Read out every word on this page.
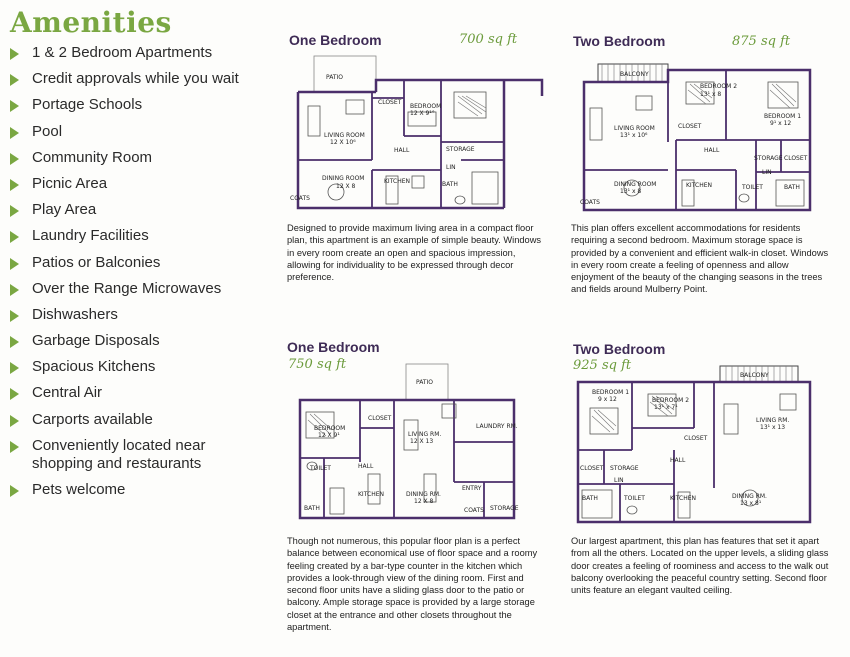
Amenities
1 & 2 Bedroom Apartments
Credit approvals while you wait
Portage Schools
Pool
Community Room
Picnic Area
Play Area
Laundry Facilities
Patios or Balconies
Over the Range Microwaves
Dishwashers
Garbage Disposals
Spacious Kitchens
Central Air
Carports available
Conveniently located near shopping and restaurants
Pets welcome
One Bedroom	700 sq ft
PATIO
CLOSET
BEDROOM
12 X 9¹°
LIVING ROOM
12 X 10⁶
HALL	STORAGE
LIN
DINING ROOM
12 X 8
KITCHEN	BATH
COATS

Designed to provide maximum living area in a compact floor plan, this apartment is an example of simple beauty. Windows in every room create an open and spacious impression, allowing for individuality to be expressed through decor preference.

Two Bedroom	875 sq ft
BALCONY
BEDROOM 2
13¹ x 8
BEDROOM 1
9¹ x 12
CLOSET
LIVING ROOM
13¹ x 10⁶
HALL
STORAGE CLOSET
LIN
DINING ROOM
13¹ x 8
KITCHEN	TOILET	BATH
COATS

This plan offers excellent accommodations for residents requiring a second bedroom. Maximum storage space is provided by a convenient and efficient walk-in closet. Windows in every room create a feeling of openness and allow enjoyment of the beauty of the changing seasons in the trees and fields around Mulberry Point.

One Bedroom
750 sq ft
PATIO
CLOSET
BEDROOM
12 X 9¹	LIVING RM.
12 X 13
LAUNDRY RM.
TOILET	HALL
KITCHEN	DINING RM.
12 X 8
ENTRY
BATH	COATS STORAGE

Though not numerous, this popular floor plan is a perfect balance between economical use of floor space and a roomy feeling created by a bar-type counter in the kitchen which provides a look-through view of the dining room. First and second floor units have a sliding glass door to the patio or balcony. Ample storage space is provided by a large storage closet at the entrance and other closets throughout the apartment.

Two Bedroom
925 sq ft
BALCONY
BEDROOM 1
9 x 12	BEDROOM 2
13¹ x 7¹
LIVING RM.
13¹ x 13
CLOSET
HALL
CLOSET STORAGE
LIN
BATH	TOILET	KITCHEN	DINING RM.
13 x 8¹

Our largest apartment, this plan has features that set it apart from all the others. Located on the upper levels, a sliding glass door creates a feeling of roominess and access to the walk out balcony overlooking the peaceful country setting. Second floor units feature an elegant vaulted ceiling.
